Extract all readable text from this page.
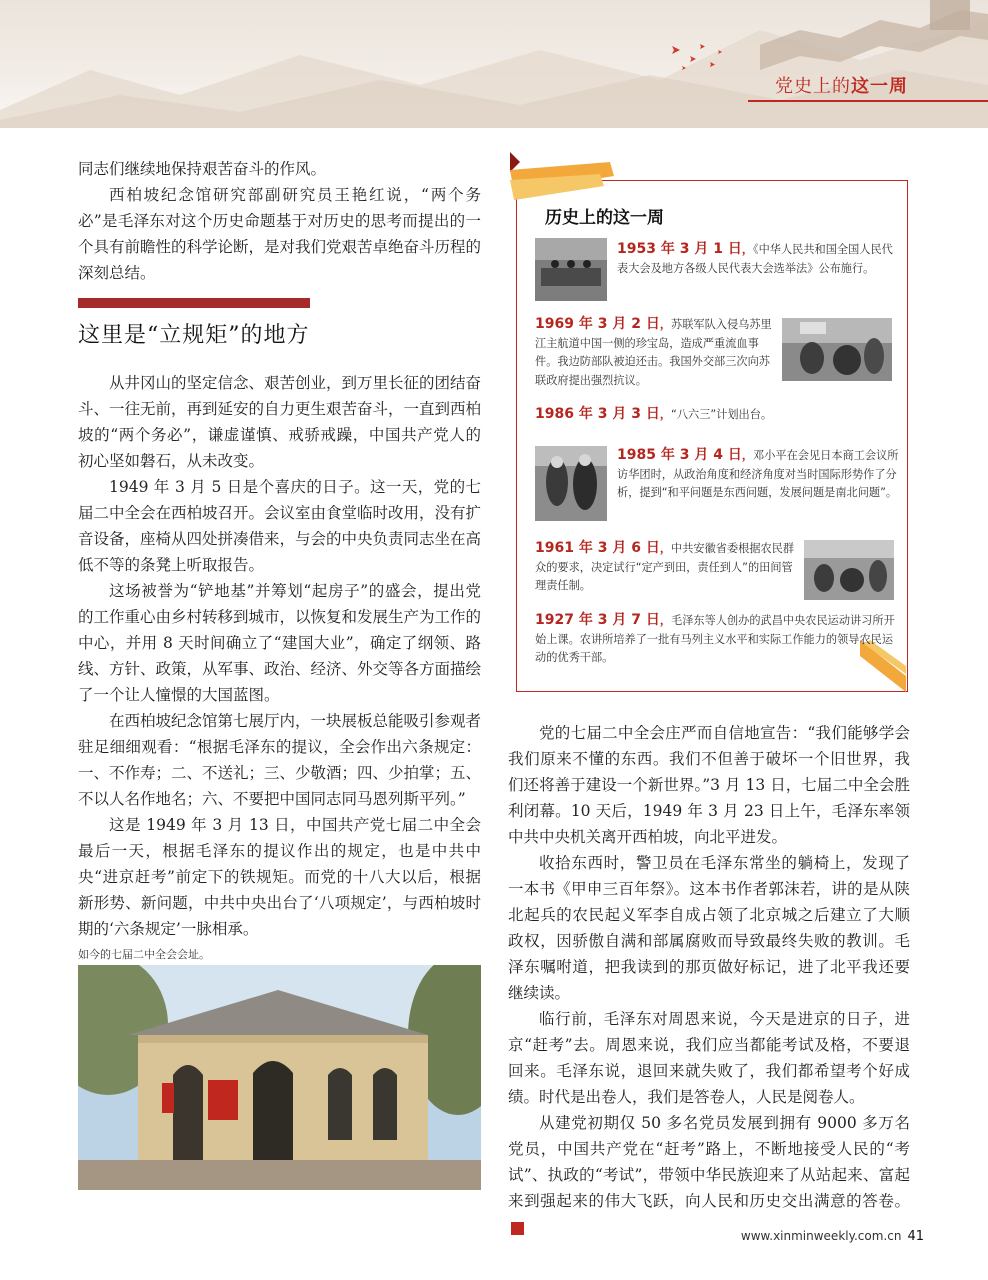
党史上的这一周

同志们继续地保持艰苦奋斗的作风。

西柏坡纪念馆研究部副研究员王艳红说，“两个务必”是毛泽东对这个历史命题基于对历史的思考而提出的一个具有前瞻性的科学论断，是对我们党艰苦卓绝奋斗历程的深刻总结。

这里是“立规矩”的地方

从井冈山的坚定信念、艰苦创业，到万里长征的团结奋斗、一往无前，再到延安的自力更生艰苦奋斗，一直到西柏坡的“两个务必”，谦虚谨慎、戒骄戒躁，中国共产党人的初心坚如磐石，从未改变。

1949 年 3 月 5 日是个喜庆的日子。这一天，党的七届二中全会在西柏坡召开。会议室由食堂临时改用，没有扩音设备，座椅从四处拼凑借来，与会的中央负责同志坐在高低不等的条凳上听取报告。

这场被誉为“铲地基”并筹划“起房子”的盛会，提出党的工作重心由乡村转移到城市，以恢复和发展生产为工作的中心，并用 8 天时间确立了“建国大业”，确定了纲领、路线、方针、政策，从军事、政治、经济、外交等各方面描绘了一个让人憧憬的大国蓝图。

在西柏坡纪念馆第七展厅内，一块展板总能吸引参观者驻足细细观看：“根据毛泽东的提议，全会作出六条规定：一、不作寿；二、不送礼；三、少敬酒；四、少拍掌；五、不以人名作地名；六、不要把中国同志同马恩列斯平列。”

这是 1949 年 3 月 13 日，中国共产党七届二中全会最后一天，根据毛泽东的提议作出的规定，也是中共中央“进京赶考”前定下的铁规矩。而党的十八大以后，根据新形势、新问题，中共中央出台了‘八项规定’，与西柏坡时期的‘六条规定’一脉相承。

如今的七届二中全会会址。
历史上的这一周
1953 年 3 月 1 日，《中华人民共和国全国人民代表大会及地方各级人民代表大会选举法》公布施行。
1969 年 3 月 2 日，苏联军队入侵乌苏里江主航道中国一侧的珍宝岛，造成严重流血事件。我边防部队被迫还击。我国外交部三次向苏联政府提出强烈抗议。
1986 年 3 月 3 日，“八六三”计划出台。
1985 年 3 月 4 日，邓小平在会见日本商工会议所访华团时，从政治角度和经济角度对当时国际形势作了分析，提到“和平问题是东西问题，发展问题是南北问题”。
1961 年 3 月 6 日，中共安徽省委根据农民群众的要求，决定试行“定产到田，责任到人”的田间管理责任制。
1927 年 3 月 7 日，毛泽东等人创办的武昌中央农民运动讲习所开始上课。农讲所培养了一批有马列主义水平和实际工作能力的领导农民运动的优秀干部。

党的七届二中全会庄严而自信地宣告：“我们能够学会我们原来不懂的东西。我们不但善于破坏一个旧世界，我们还将善于建设一个新世界。”3 月 13 日，七届二中全会胜利闭幕。10 天后，1949 年 3 月 23 日上午，毛泽东率领中共中央机关离开西柏坡，向北平进发。

收拾东西时，警卫员在毛泽东常坐的躺椅上，发现了一本书《甲申三百年祭》。这本书作者郭沫若，讲的是从陕北起兵的农民起义军李自成占领了北京城之后建立了大顺政权，因骄傲自满和部属腐败而导致最终失败的教训。毛泽东嘱咐道，把我读到的那页做好标记，进了北平我还要继续读。

临行前，毛泽东对周恩来说，今天是进京的日子，进京“赶考”去。周恩来说，我们应当都能考试及格，不要退回来。毛泽东说，退回来就失败了，我们都希望考个好成绩。时代是出卷人，我们是答卷人，人民是阅卷人。

从建党初期仅 50 多名党员发展到拥有 9000 多万名党员，中国共产党在“赶考”路上，不断地接受人民的“考试”、执政的“考试”，带领中华民族迎来了从站起来、富起来到强起来的伟大飞跃，向人民和历史交出满意的答卷。新

www.xinminweekly.com.cn 41
